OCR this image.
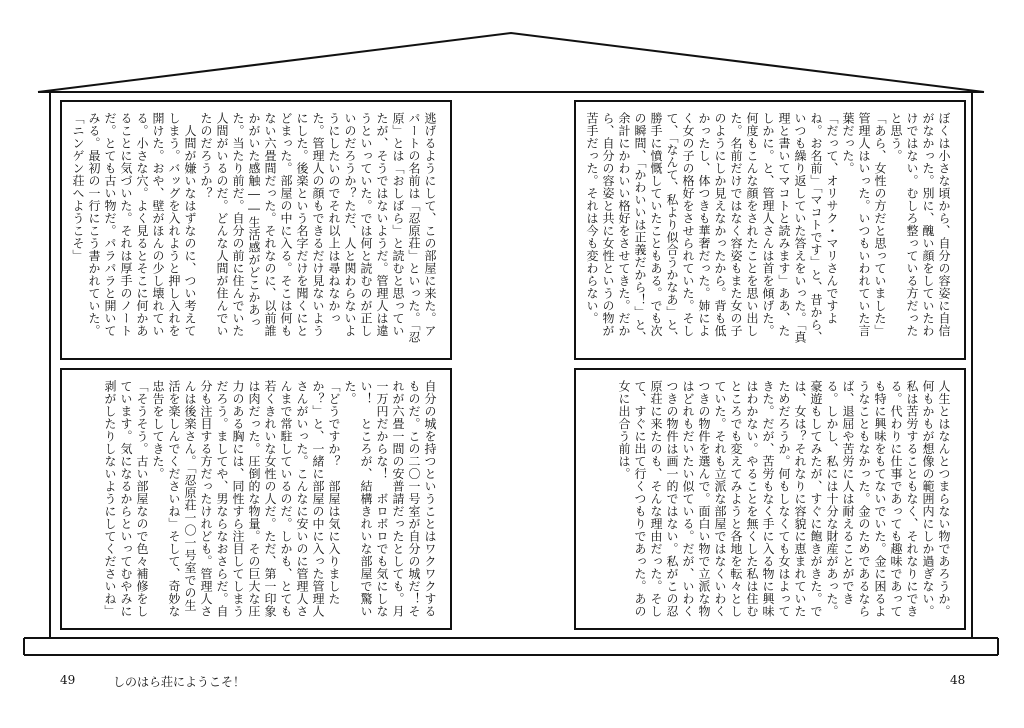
逃げるようにして、この部屋に来た。アパートの名前は「忍原荘」といった。「忍原」とは「おしばら」と読むと思っていたが、そうではないようだ。管理人は違うといっていた。では何と読むのが正しいのだろうか？ただ、人と関わらないようにしたいのでそれ以上は尋ねなかった。管理人の顔もできるだけ見ないようにした。後楽という名字だけを聞くにとどまった。部屋の中に入る。そこは何もない六畳間だった。それなのに、以前誰かがいた感触――生活感がどこかあった。当たり前だ。自分の前に住んでいた人間がいるのだ。どんな人間が住んでいたのだろうか？
　人間が嫌いなはずなのに、つい考えてしまう。バッグを入れようと押し入れを開けた。おや、壁がほんの少し壊れている。小さな穴。よく見るとそこに何かあることに気づいた。それは厚手のノートだ。とても古い物だ。パラパラと開いてみる。最初の一行にこう書かれていた。「ニンゲン荘へようこそ」	ぼくは小さな頃から、自分の容姿に自信がなかった。別に、醜い顔をしていたわけではない。むしろ整っている方だったと思う。
「あら、女性の方だと思っていました」管理人はいった。いつもいわれていた言葉だった。
「だって、オリサク・マリさんですよね。お名前」「マコトです」と、昔から、いつも繰り返していた答えをいった。「真理と書いてマコトと読みます」ああ、たしかに。と、管理人さんは首を傾げた。何度もこんな顔をされたことを思い出した。名前だけではなく容姿もまた女の子のようにしか見えなかったから。背も低かったし、体つきも華奢だった。姉によく女の子の格好をさせられていた。そして、「なんて、私より似合うかなあ」と、勝手に憤慨していたこともある。でも次の瞬間、「かわいいは正義だから！」と、余計にかわいい格好をさせてきた。だから、自分の容姿と共に女性というの物が苦手だった。それは今も変わらない。
自分の城を持つということはワクワクするものだ。この二〇一号室が自分の城だ！それが六畳一間の安普請だったとしても。月一万円だからな！　ボロボロでも気にしない！　ところが、結構きれいな部屋で驚いた。
「どうですか？　部屋は気に入りましたか？」と、一緒に部屋の中に入った管理人さんがいった。こんなに安いのに管理人さんまで常駐しているのだ。しかも、とても若くきれいな女性の人だ。ただ、第一印象は肉だった。圧倒的な物量。その巨大な圧力のある胸には、同性すら注目してしまうだろう。ましてや、男ならなおさらだ。自分も注目する方だったけれども。管理人さんは後楽さん。「忍原荘一〇一号室での生活を楽しんでくださいね」そして、奇妙な忠告をしてきた。
「そうそう。古い部屋なので色々補修をしています。気になるからといってむやみに剥がしたりしないようにしてくださいね」	人生とはなんとつまらない物であろうか。何もかもが想像の範囲内にしか過ぎない。私は苦労することもなく、それなりにできる。代わりに仕事であっても趣味であっても特に興味をもてないでいた。金に困るようなこともなかった。金のためであるならば、退屈や苦労に人は耐えることができる。しかし、私には十分な財産があった。豪遊もしてみたが、すぐに飽きがきた。では、女は？それなりに容貌に恵まれていたためだろうか。何もしなくても女はよってきた。だが、苦労もなく手に入る物に興味はわかない。やることを無くした私は住むところでも変えてみようと各地を転々としていた。それも立派な部屋ではなくいわくつきの物件を選んで。面白い物で立派な物はどれもだいたい似ている。だが、いわくつきの物件は画一的ではない。私がこの忍原荘に来たのも、そんな理由だった。そして、すぐに出て行くつもりであった。あの女に出合う前は。
49	しのはら荘にようこそ！	48
